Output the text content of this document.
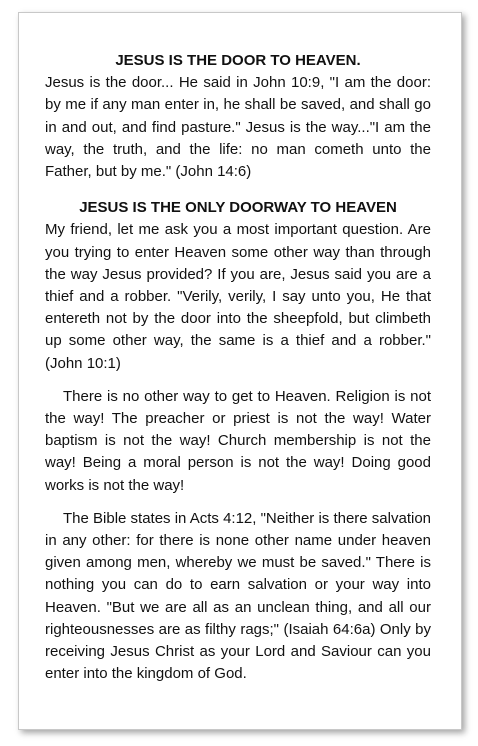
JESUS IS THE DOOR TO HEAVEN.

Jesus is the door... He said in John 10:9, "I am the door: by me if any man enter in, he shall be saved, and shall go in and out, and find pasture." Jesus is the way..."I am the way, the truth, and the life: no man cometh unto the Father, but by me." (John 14:6)

JESUS IS THE ONLY DOORWAY TO HEAVEN

My friend, let me ask you a most important question. Are you trying to enter Heaven some other way than through the way Jesus provided? If you are, Jesus said you are a thief and a robber. "Verily, verily, I say unto you, He that entereth not by the door into the sheepfold, but climbeth up some other way, the same is a thief and a robber." (John 10:1)

There is no other way to get to Heaven. Religion is not the way! The preacher or priest is not the way! Water baptism is not the way! Church membership is not the way! Being a moral person is not the way! Doing good works is not the way!

The Bible states in Acts 4:12, "Neither is there salvation in any other: for there is none other name under heaven given among men, whereby we must be saved." There is nothing you can do to earn salvation or your way into Heaven. "But we are all as an unclean thing, and all our righteousnesses are as filthy rags;" (Isaiah 64:6a) Only by receiving Jesus Christ as your Lord and Saviour can you enter into the kingdom of God.
